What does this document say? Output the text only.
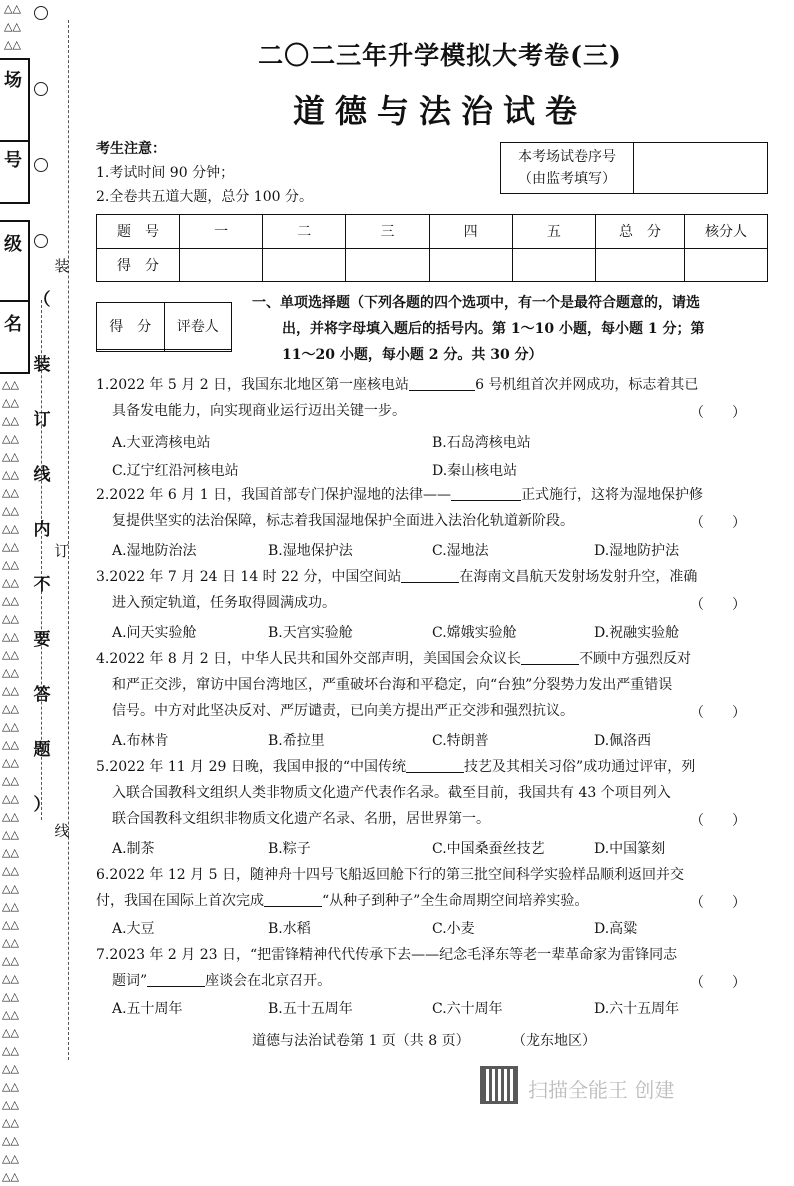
△△
△△
△△
场
号
级
名
△△
△△
△△
△△
△△
△△
△△
△△
△△
△△
△△
△△
△△
△△
△△
△△
△△
△△
△△
△△
△△
△△
△△
△△
△△
△△
△△
△△
△△
△△
△△
△△
△△
△△
△△
△△
△△
△△
△△
△△
△△
△△
△△
△△
△△
（
装
订
线
内
不
要
答
题
）
装
订
线
二〇二三年升学模拟大考卷(三)
道德与法治试卷
考生注意：
1.考试时间 90 分钟；
2.全卷共五道大题，总分 100 分。
本考场试卷序号
（由监考填写）

题　号	一	二	三	四	五	总　分	核分人
得　分							
得　分	评卷人

一、单项选择题（下列各题的四个选项中，有一个是最符合题意的，请选
出，并将字母填入题后的括号内。第 1～10 小题，每小题 1 分；第
11～20 小题，每小题 2 分。共 30 分）
1.2022 年 5 月 2 日，我国东北地区第一座核电站	6 号机组首次并网成功，标志着其已
具备发电能力，向实现商业运行迈出关键一步。	（　　）
A.大亚湾核电站	B.石岛湾核电站
C.辽宁红沿河核电站	D.秦山核电站
2.2022 年 6 月 1 日，我国首部专门保护湿地的法律——	正式施行，这将为湿地保护修
复提供坚实的法治保障，标志着我国湿地保护全面进入法治化轨道新阶段。	（　　）
A.湿地防治法	B.湿地保护法	C.湿地法	D.湿地防护法
3.2022 年 7 月 24 日 14 时 22 分，中国空间站	在海南文昌航天发射场发射升空，准确
进入预定轨道，任务取得圆满成功。	（　　）
A.问天实验舱	B.天宫实验舱	C.嫦娥实验舱	D.祝融实验舱
4.2022 年 8 月 2 日，中华人民共和国外交部声明，美国国会众议长	不顾中方强烈反对
和严正交涉，窜访中国台湾地区，严重破坏台海和平稳定，向“台独”分裂势力发出严重错误
信号。中方对此坚决反对、严厉谴责，已向美方提出严正交涉和强烈抗议。	（　　）
A.布林肯	B.希拉里	C.特朗普	D.佩洛西
5.2022 年 11 月 29 日晚，我国申报的“中国传统	技艺及其相关习俗”成功通过评审，列
入联合国教科文组织人类非物质文化遗产代表作名录。截至目前，我国共有 43 个项目列入
联合国教科文组织非物质文化遗产名录、名册，居世界第一。	（　　）
A.制茶	B.粽子	C.中国桑蚕丝技艺	D.中国篆刻
6.2022 年 12 月 5 日，随神舟十四号飞船返回舱下行的第三批空间科学实验样品顺利返回并交
付，我国在国际上首次完成	“从种子到种子”全生命周期空间培养实验。	（　　）
A.大豆	B.水稻	C.小麦	D.高粱
7.2023 年 2 月 23 日，“把雷锋精神代代传承下去——纪念毛泽东等老一辈革命家为雷锋同志
题词”	座谈会在北京召开。	（　　）
A.五十周年	B.五十五周年	C.六十周年	D.六十五周年
道德与法治试卷第 1 页（共 8 页）	（龙东地区）
扫描全能王 创建
